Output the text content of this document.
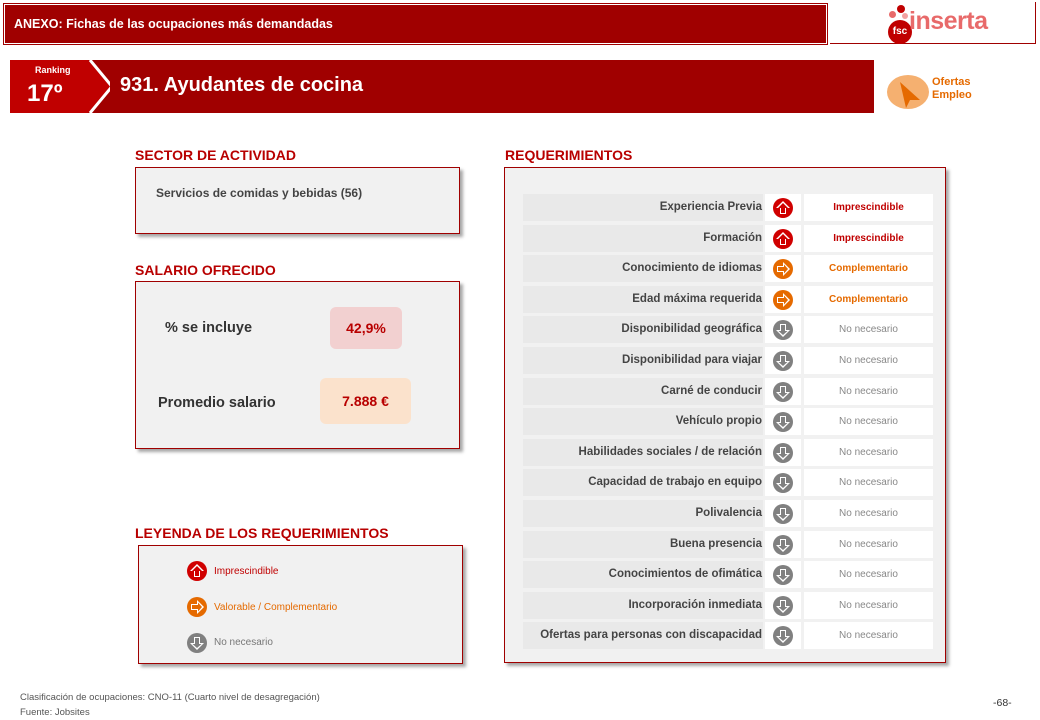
ANEXO: Fichas de las ocupaciones más demandadas
fsc inserta
Ranking
17º	931. Ayudantes de cocina	Ofertas
Empleo
SECTOR DE ACTIVIDAD
Servicios de comidas y bebidas (56)
SALARIO OFRECIDO
% se incluye	42,9%
Promedio salario	7.888 €
LEYENDA DE LOS REQUERIMIENTOS
Imprescindible
Valorable / Complementario
No necesario
REQUERIMIENTOS
Experiencia Previa	Imprescindible
Formación	Imprescindible
Conocimiento de idiomas	Complementario
Edad máxima requerida	Complementario
Disponibilidad geográfica	No necesario
Disponibilidad para viajar	No necesario
Carné de conducir	No necesario
Vehículo propio	No necesario
Habilidades sociales / de relación	No necesario
Capacidad de trabajo en equipo	No necesario
Polivalencia	No necesario
Buena presencia	No necesario
Conocimientos de ofimática	No necesario
Incorporación inmediata	No necesario
Ofertas para personas con discapacidad	No necesario
Clasificación de ocupaciones: CNO-11 (Cuarto nivel de desagregación)
Fuente: Jobsites
-68-
